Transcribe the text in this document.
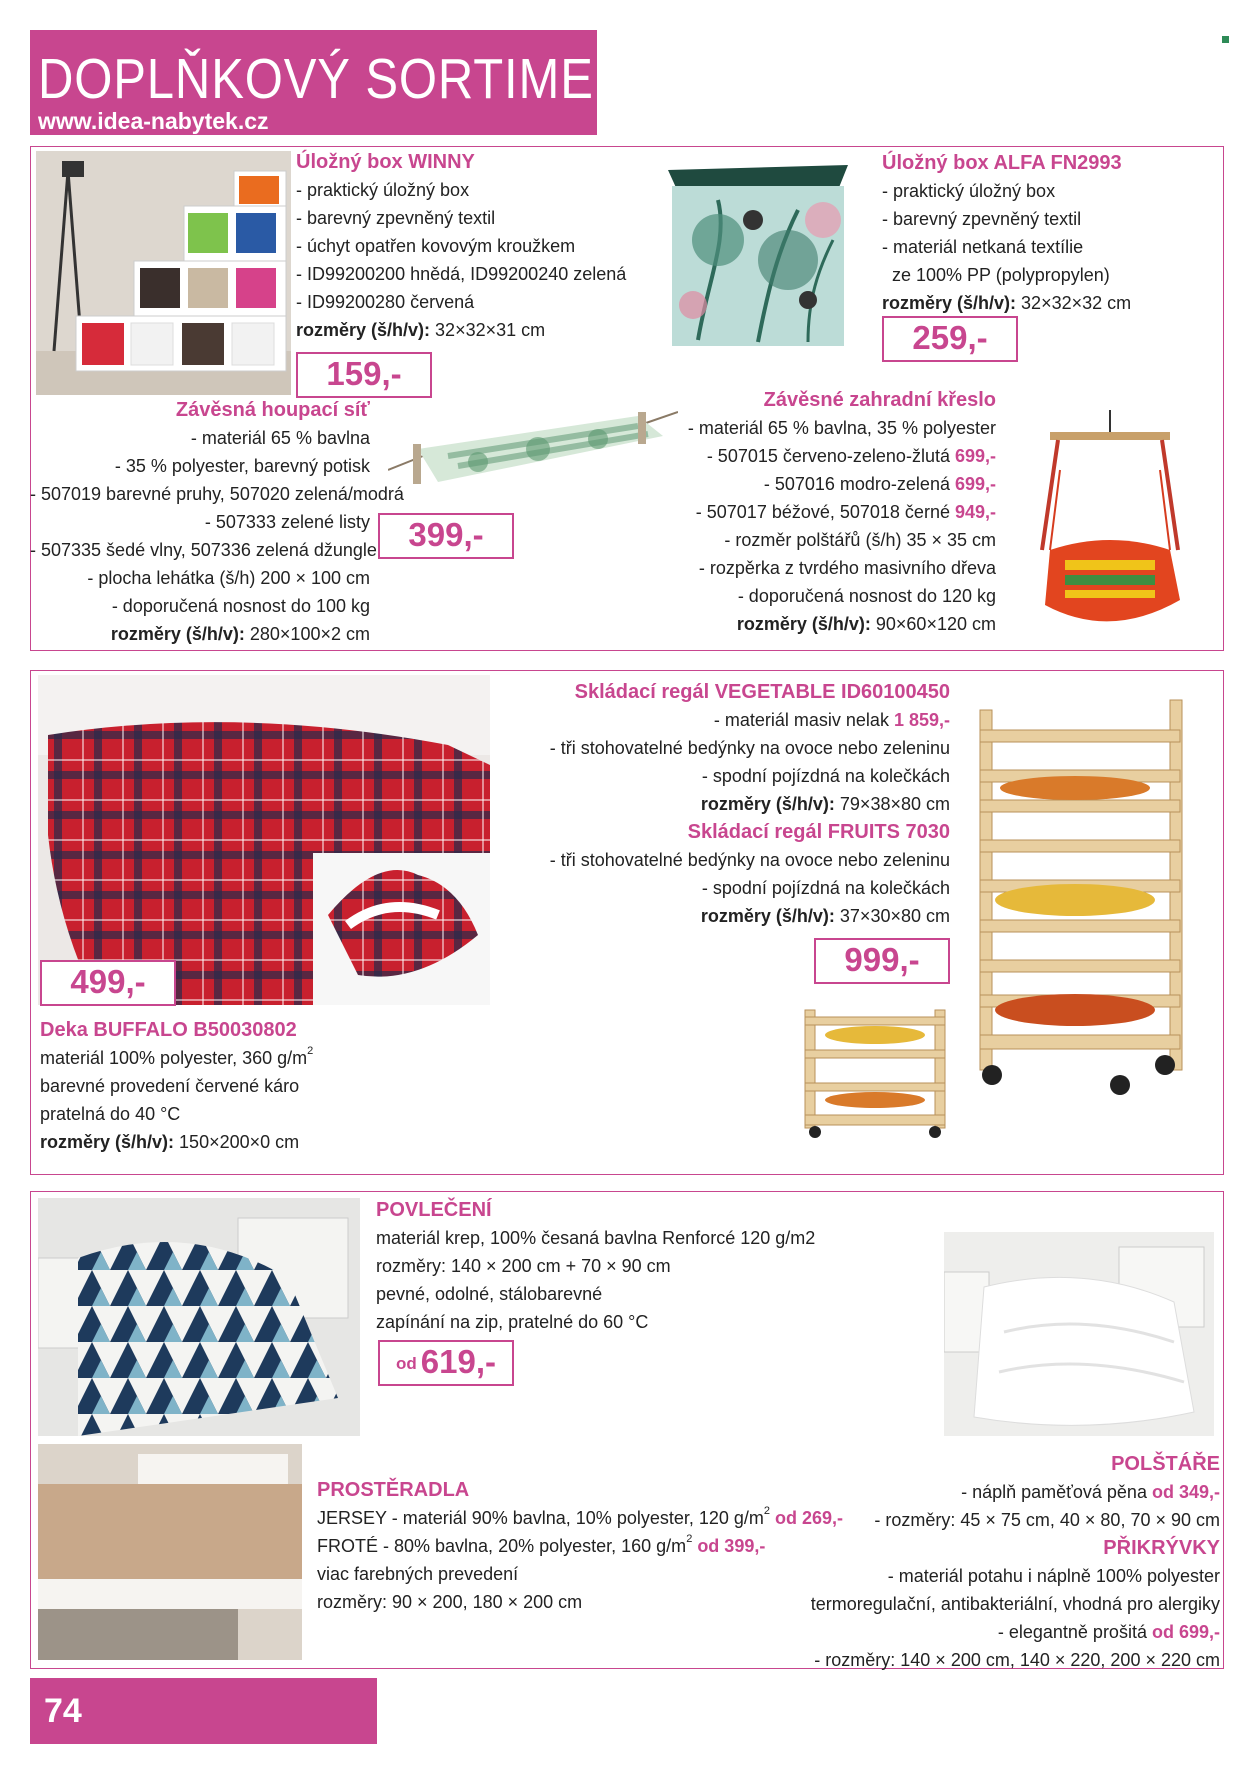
DOPLŇKOVÝ SORTIMENT
www.idea-nabytek.cz

Úložný box WINNY

- praktický úložný box

- barevný zpevněný textil

- úchyt opatřen kovovým kroužkem

- ID99200200 hnědá, ID99200240 zelená

- ID99200280 červená

rozměry (š/h/v): 32×32×31 cm

159,-

Úložný box ALFA FN2993

- praktický úložný box

- barevný zpevněný textil

- materiál netkaná textílie

ze 100% PP (polypropylen)

rozměry (š/h/v): 32×32×32 cm

259,-

Závěsná houpací síť

- materiál 65 % bavlna

- 35 % polyester, barevný potisk

- 507019 barevné pruhy, 507020 zelená/modrá

- 507333 zelené listy

- 507335 šedé vlny, 507336 zelená džungle

- plocha lehátka (š/h) 200 × 100 cm

- doporučená nosnost do 100 kg

rozměry (š/h/v): 280×100×2 cm

399,-

Závěsné zahradní křeslo

- materiál 65 % bavlna, 35 % polyester

- 507015 červeno-zeleno-žlutá 699,-

- 507016 modro-zelená 699,-

- 507017 béžové, 507018 černé 949,-

- rozměr polštářů (š/h) 35 × 35 cm

- rozpěrka z tvrdého masivního dřeva

- doporučená nosnost do 120 kg

rozměry (š/h/v): 90×60×120 cm

499,-

Deka BUFFALO B50030802

materiál 100% polyester, 360 $g/m^2$

barevné provedení červené káro

pratelná do 40 °C

rozměry (š/h/v): 150×200×0 cm

Skládací regál VEGETABLE ID60100450

- materiál masiv nelak 1 859,-

- tři stohovatelné bedýnky na ovoce nebo zeleninu

- spodní pojízdná na kolečkách

rozměry (š/h/v): 79×38×80 cm

Skládací regál FRUITS 7030

- tři stohovatelné bedýnky na ovoce nebo zeleninu

- spodní pojízdná na kolečkách

rozměry (š/h/v): 37×30×80 cm

999,-

POVLEČENÍ

materiál krep, 100% česaná bavlna Renforcé 120 g/m2

rozměry: 140 × 200 cm + 70 × 90 cm

pevné, odolné, stálobarevné

zapínání na zip, pratelné do 60 °C

od 619,-

PROSTĚRADLA

JERSEY - materiál 90% bavlna, 10% polyester, 120 $g/m^2$ od 269,-

FROTÉ - 80% bavlna, 20% polyester, 160 $g/m^2$ od 399,-

viac farebných prevedení

rozměry: 90 × 200, 180 × 200 cm

POLŠTÁŘE

- náplň paměťová pěna od 349,-

- rozměry: 45 × 75 cm, 40 × 80, 70 × 90 cm

PŘIKRÝVKY

- materiál potahu i náplně 100% polyester

termoregulační, antibakteriální, vhodná pro alergiky

- elegantně prošitá od 699,-

- rozměry: 140 × 200 cm, 140 × 220, 200 × 220 cm

74
